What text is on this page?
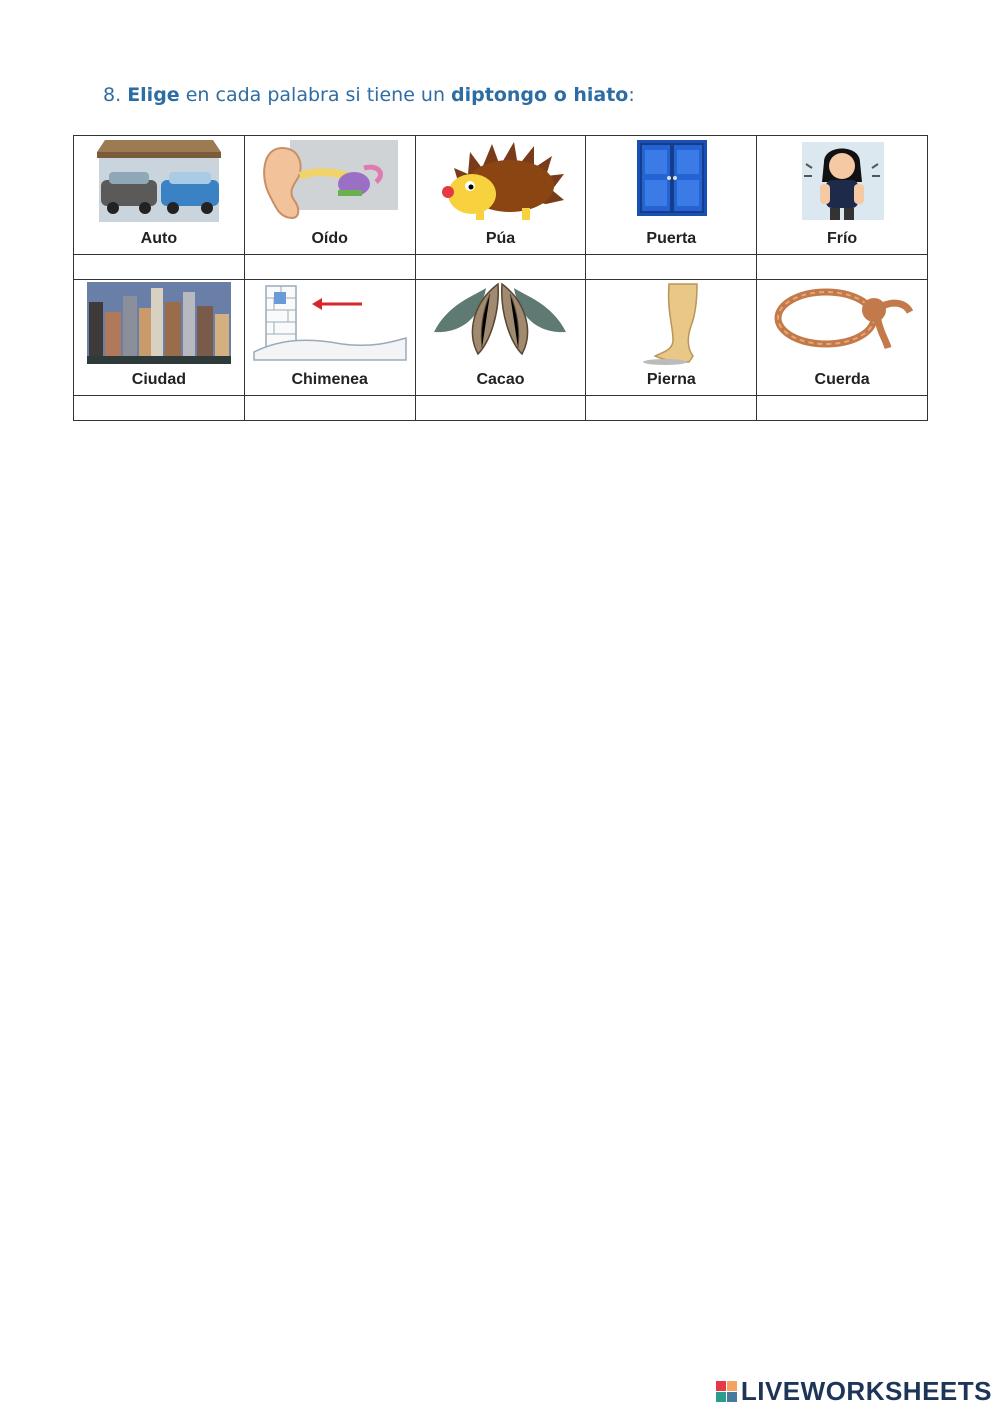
8. Elige en cada palabra si tiene un diptongo o hiato:
Auto	Oído	Púa	Puerta	Frío

Ciudad	Chimenea	Cacao	Pierna	Cuerda

LIVEWORKSHEETS
